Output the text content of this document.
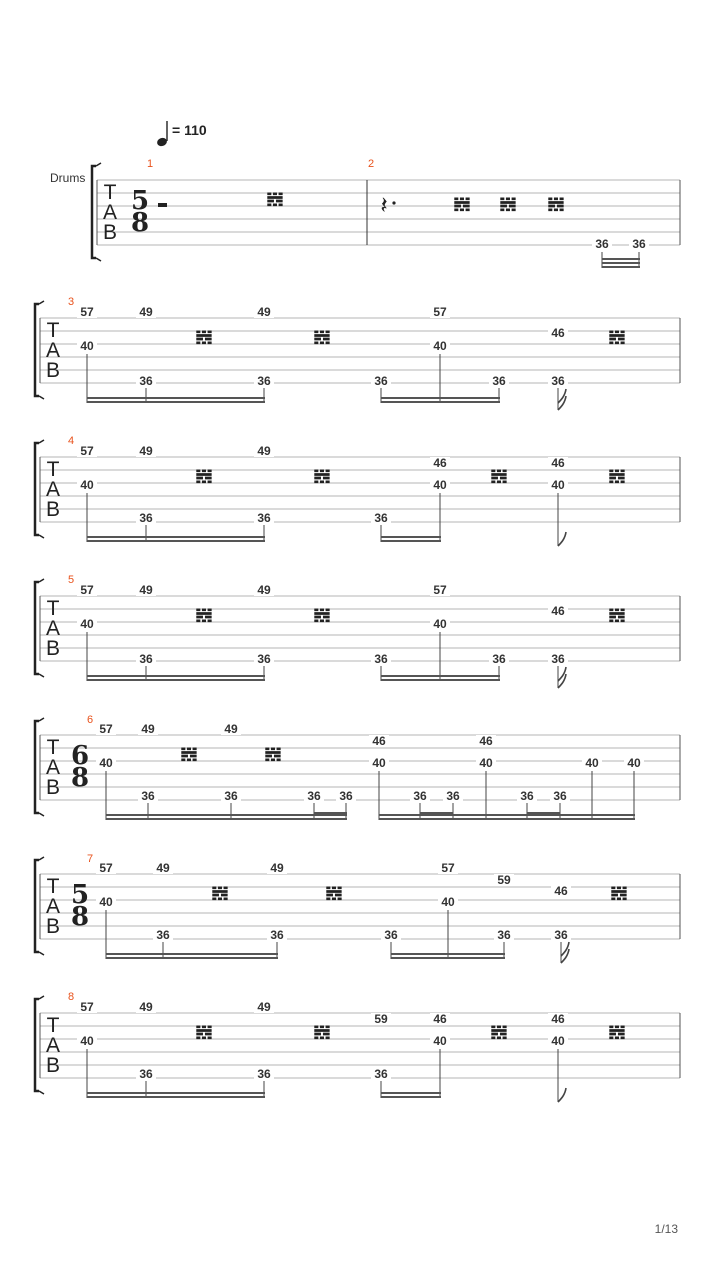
= 110
Drums
T
A
B
1
5
8
𝍁
2
𝄽	𝍁 𝍁 𝍁
36 36
T
A
B
3
57
40
49
36
𝍁
49
36
𝍁
36
57
40
36
46
36
𝍁
T
A
B
4
57
40
49
36
𝍁
49
36
𝍁
36
46
40 𝍁
46
40 𝍁
T
A
B
5
57
40
49
36
𝍁
49
36
𝍁
36
57
40
36
46
36
𝍁
T
A
B
6
6
8
57
40
49
36
𝍁
49
36
𝍁
36 36
46
40
36 36
46
40
36 36
40 40
T
A
B
7
5
8
57
40
49
36
𝍁
49
36
𝍁
36
57
40
59
36
46
36
𝍁
T
A
B
8
57
40
49
36
𝍁
49
36
𝍁
59
36
46
40 𝍁
46
40 𝍁
1/13
